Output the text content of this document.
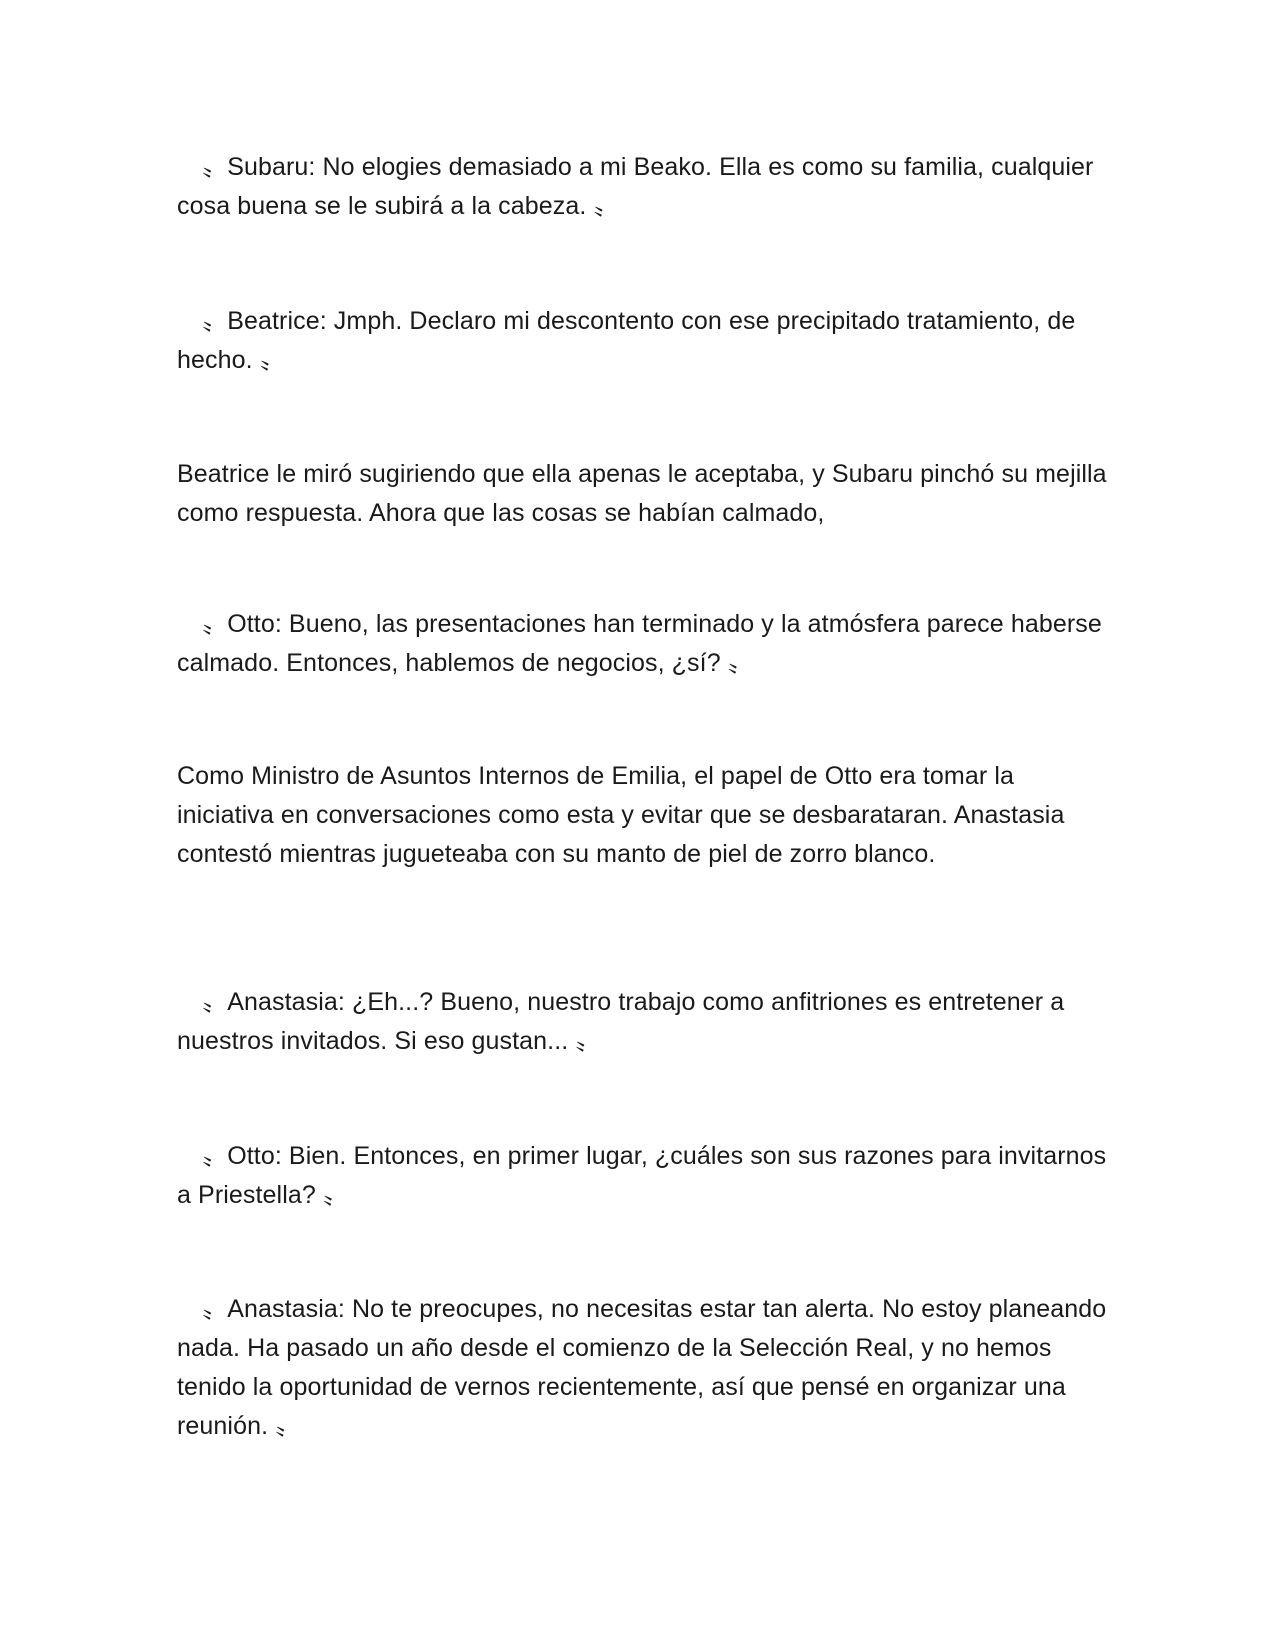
　〟Subaru: No elogies demasiado a mi Beako. Ella es como su familia, cualquier cosa buena se le subirá a la cabeza. 〟

　〟Beatrice: Jmph. Declaro mi descontento con ese precipitado tratamiento, de hecho. 〟

Beatrice le miró sugiriendo que ella apenas le aceptaba, y Subaru pinchó su mejilla como respuesta. Ahora que las cosas se habían calmado,

　〟Otto: Bueno, las presentaciones han terminado y la atmósfera parece haberse calmado. Entonces, hablemos de negocios, ¿sí? 〟

Como Ministro de Asuntos Internos de Emilia, el papel de Otto era tomar la iniciativa en conversaciones como esta y evitar que se desbarataran. Anastasia contestó mientras jugueteaba con su manto de piel de zorro blanco.

　〟Anastasia: ¿Eh...? Bueno, nuestro trabajo como anfitriones es entretener a nuestros invitados. Si eso gustan... 〟

　〟Otto: Bien. Entonces, en primer lugar, ¿cuáles son sus razones para invitarnos a Priestella? 〟

　〟Anastasia: No te preocupes, no necesitas estar tan alerta. No estoy planeando nada. Ha pasado un año desde el comienzo de la Selección Real, y no hemos tenido la oportunidad de vernos recientemente, así que pensé en organizar una reunión. 〟
